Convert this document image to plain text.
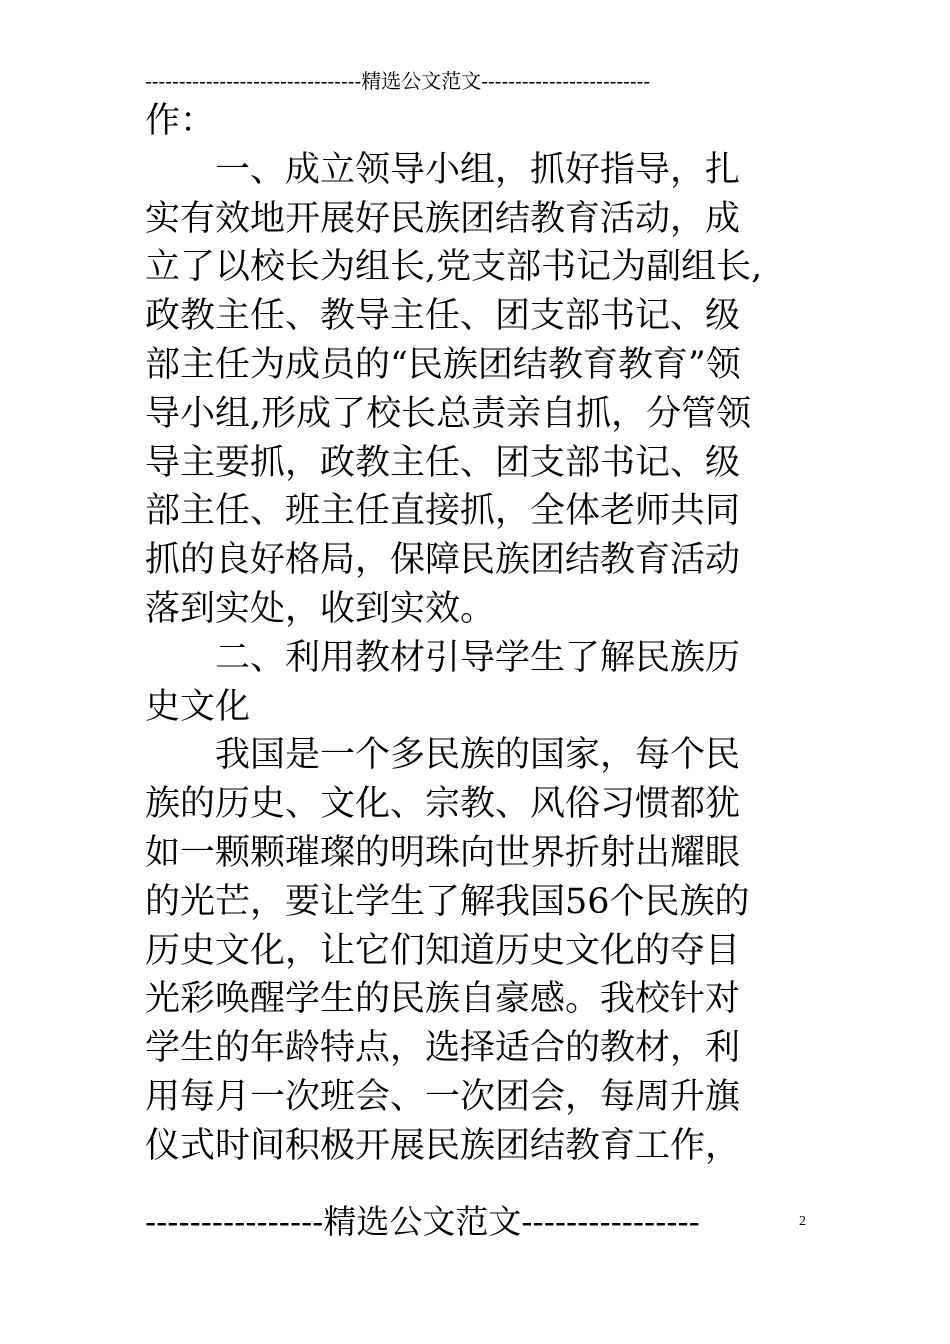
--------------------------------精选公文范文-------------------------
作：
　　一、成立领导小组，抓好指导，扎
实有效地开展好民族团结教育活动，成
立了以校长为组长,党支部书记为副组长,
政教主任、教导主任、团支部书记、级
部主任为成员的“民族团结教育教育”领
导小组,形成了校长总责亲自抓，分管领
导主要抓，政教主任、团支部书记、级
部主任、班主任直接抓，全体老师共同
抓的良好格局，保障民族团结教育活动
落到实处，收到实效。
　　二、利用教材引导学生了解民族历
史文化
　　我国是一个多民族的国家，每个民
族的历史、文化、宗教、风俗习惯都犹
如一颗颗璀璨的明珠向世界折射出耀眼
的光芒，要让学生了解我国56个民族的
历史文化，让它们知道历史文化的夺目
光彩唤醒学生的民族自豪感。我校针对
学生的年龄特点，选择适合的教材，利
用每月一次班会、一次团会，每周升旗
仪式时间积极开展民族团结教育工作，
----------------精选公文范文----------------	2
